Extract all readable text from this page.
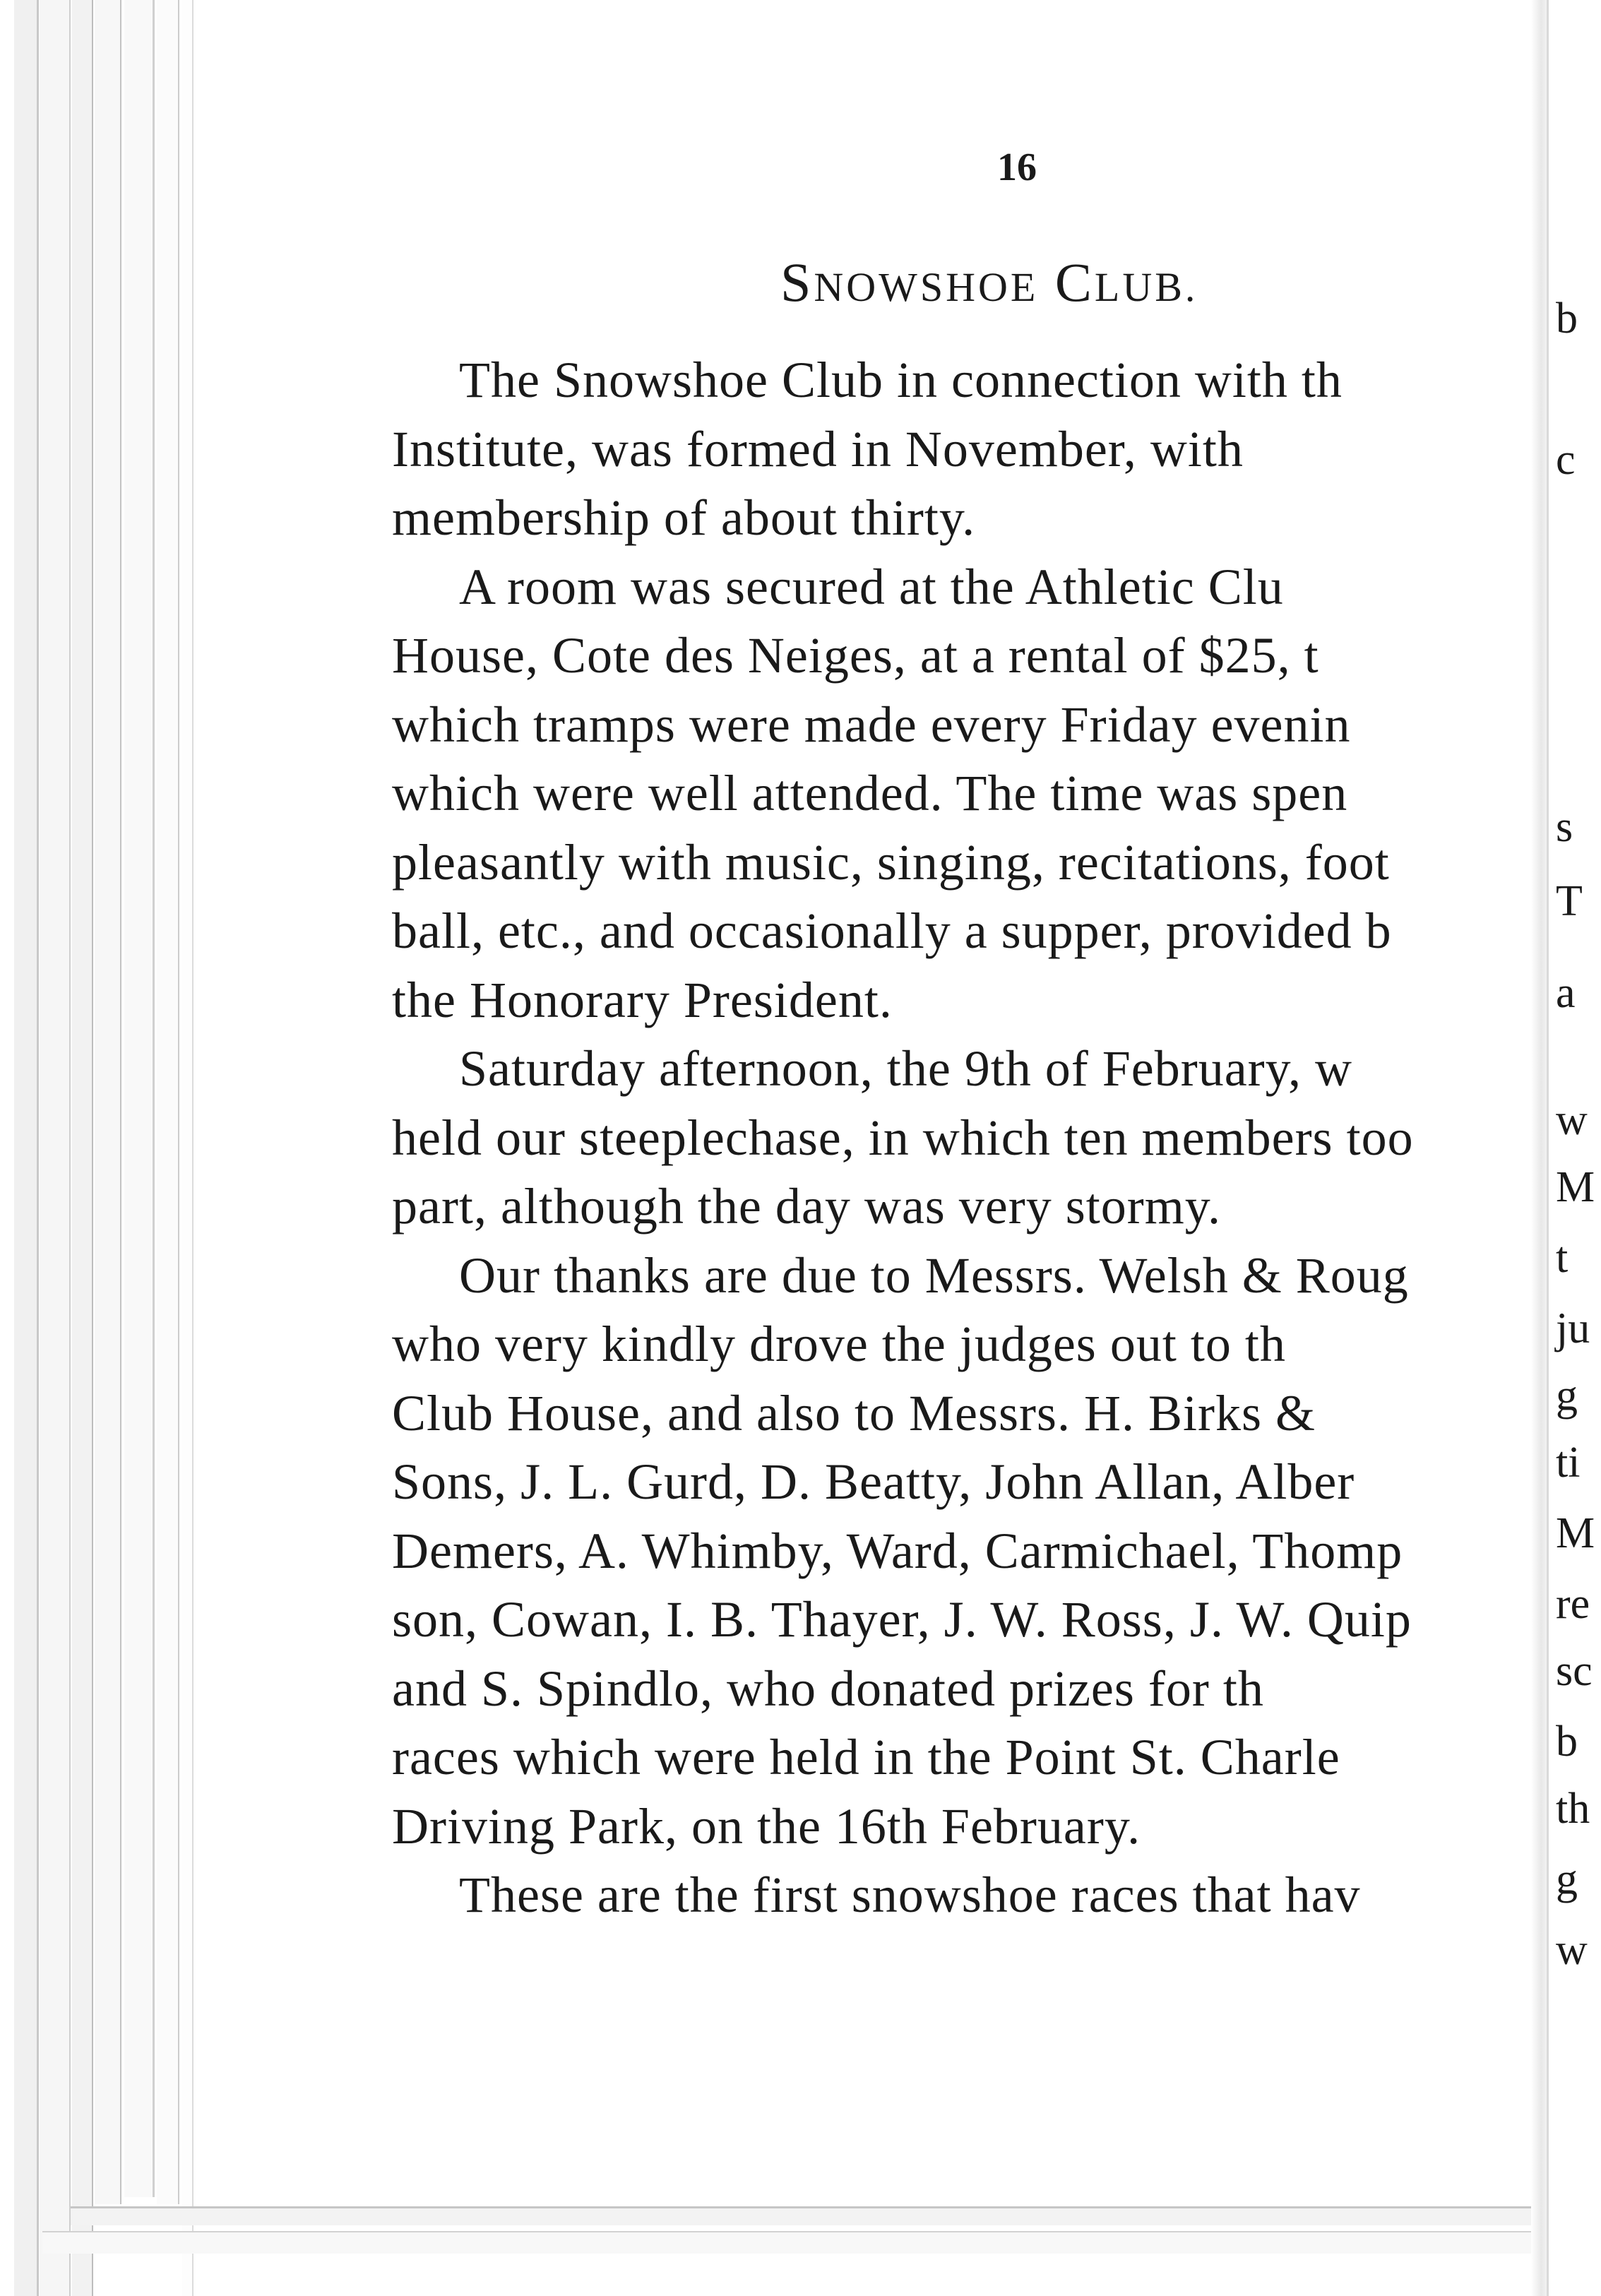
16
SNOWSHOE CLUB.
The Snowshoe Club in connection with th
Institute, was formed in November, with
membership of about thirty.
A room was secured at the Athletic Clu
House, Cote des Neiges, at a rental of $25, t
which tramps were made every Friday evenin
which were well attended. The time was spen
pleasantly with music, singing, recitations, foot
ball, etc., and occasionally a supper, provided b
the Honorary President.
Saturday afternoon, the 9th of February, w
held our steeplechase, in which ten members too
part, although the day was very stormy.
Our thanks are due to Messrs. Welsh & Roug
who very kindly drove the judges out to th
Club House, and also to Messrs. H. Birks &
Sons, J. L. Gurd, D. Beatty, John Allan, Alber
Demers, A. Whimby, Ward, Carmichael, Thomp
son, Cowan, I. B. Thayer, J. W. Ross, J. W. Quip
and S. Spindlo, who donated prizes for th
races which were held in the Point St. Charle
Driving Park, on the 16th February.
These are the first snowshoe races that hav
b
c
s
T
a
w
M
t
ju
g
ti
M
re
sc
b
th
g
w
